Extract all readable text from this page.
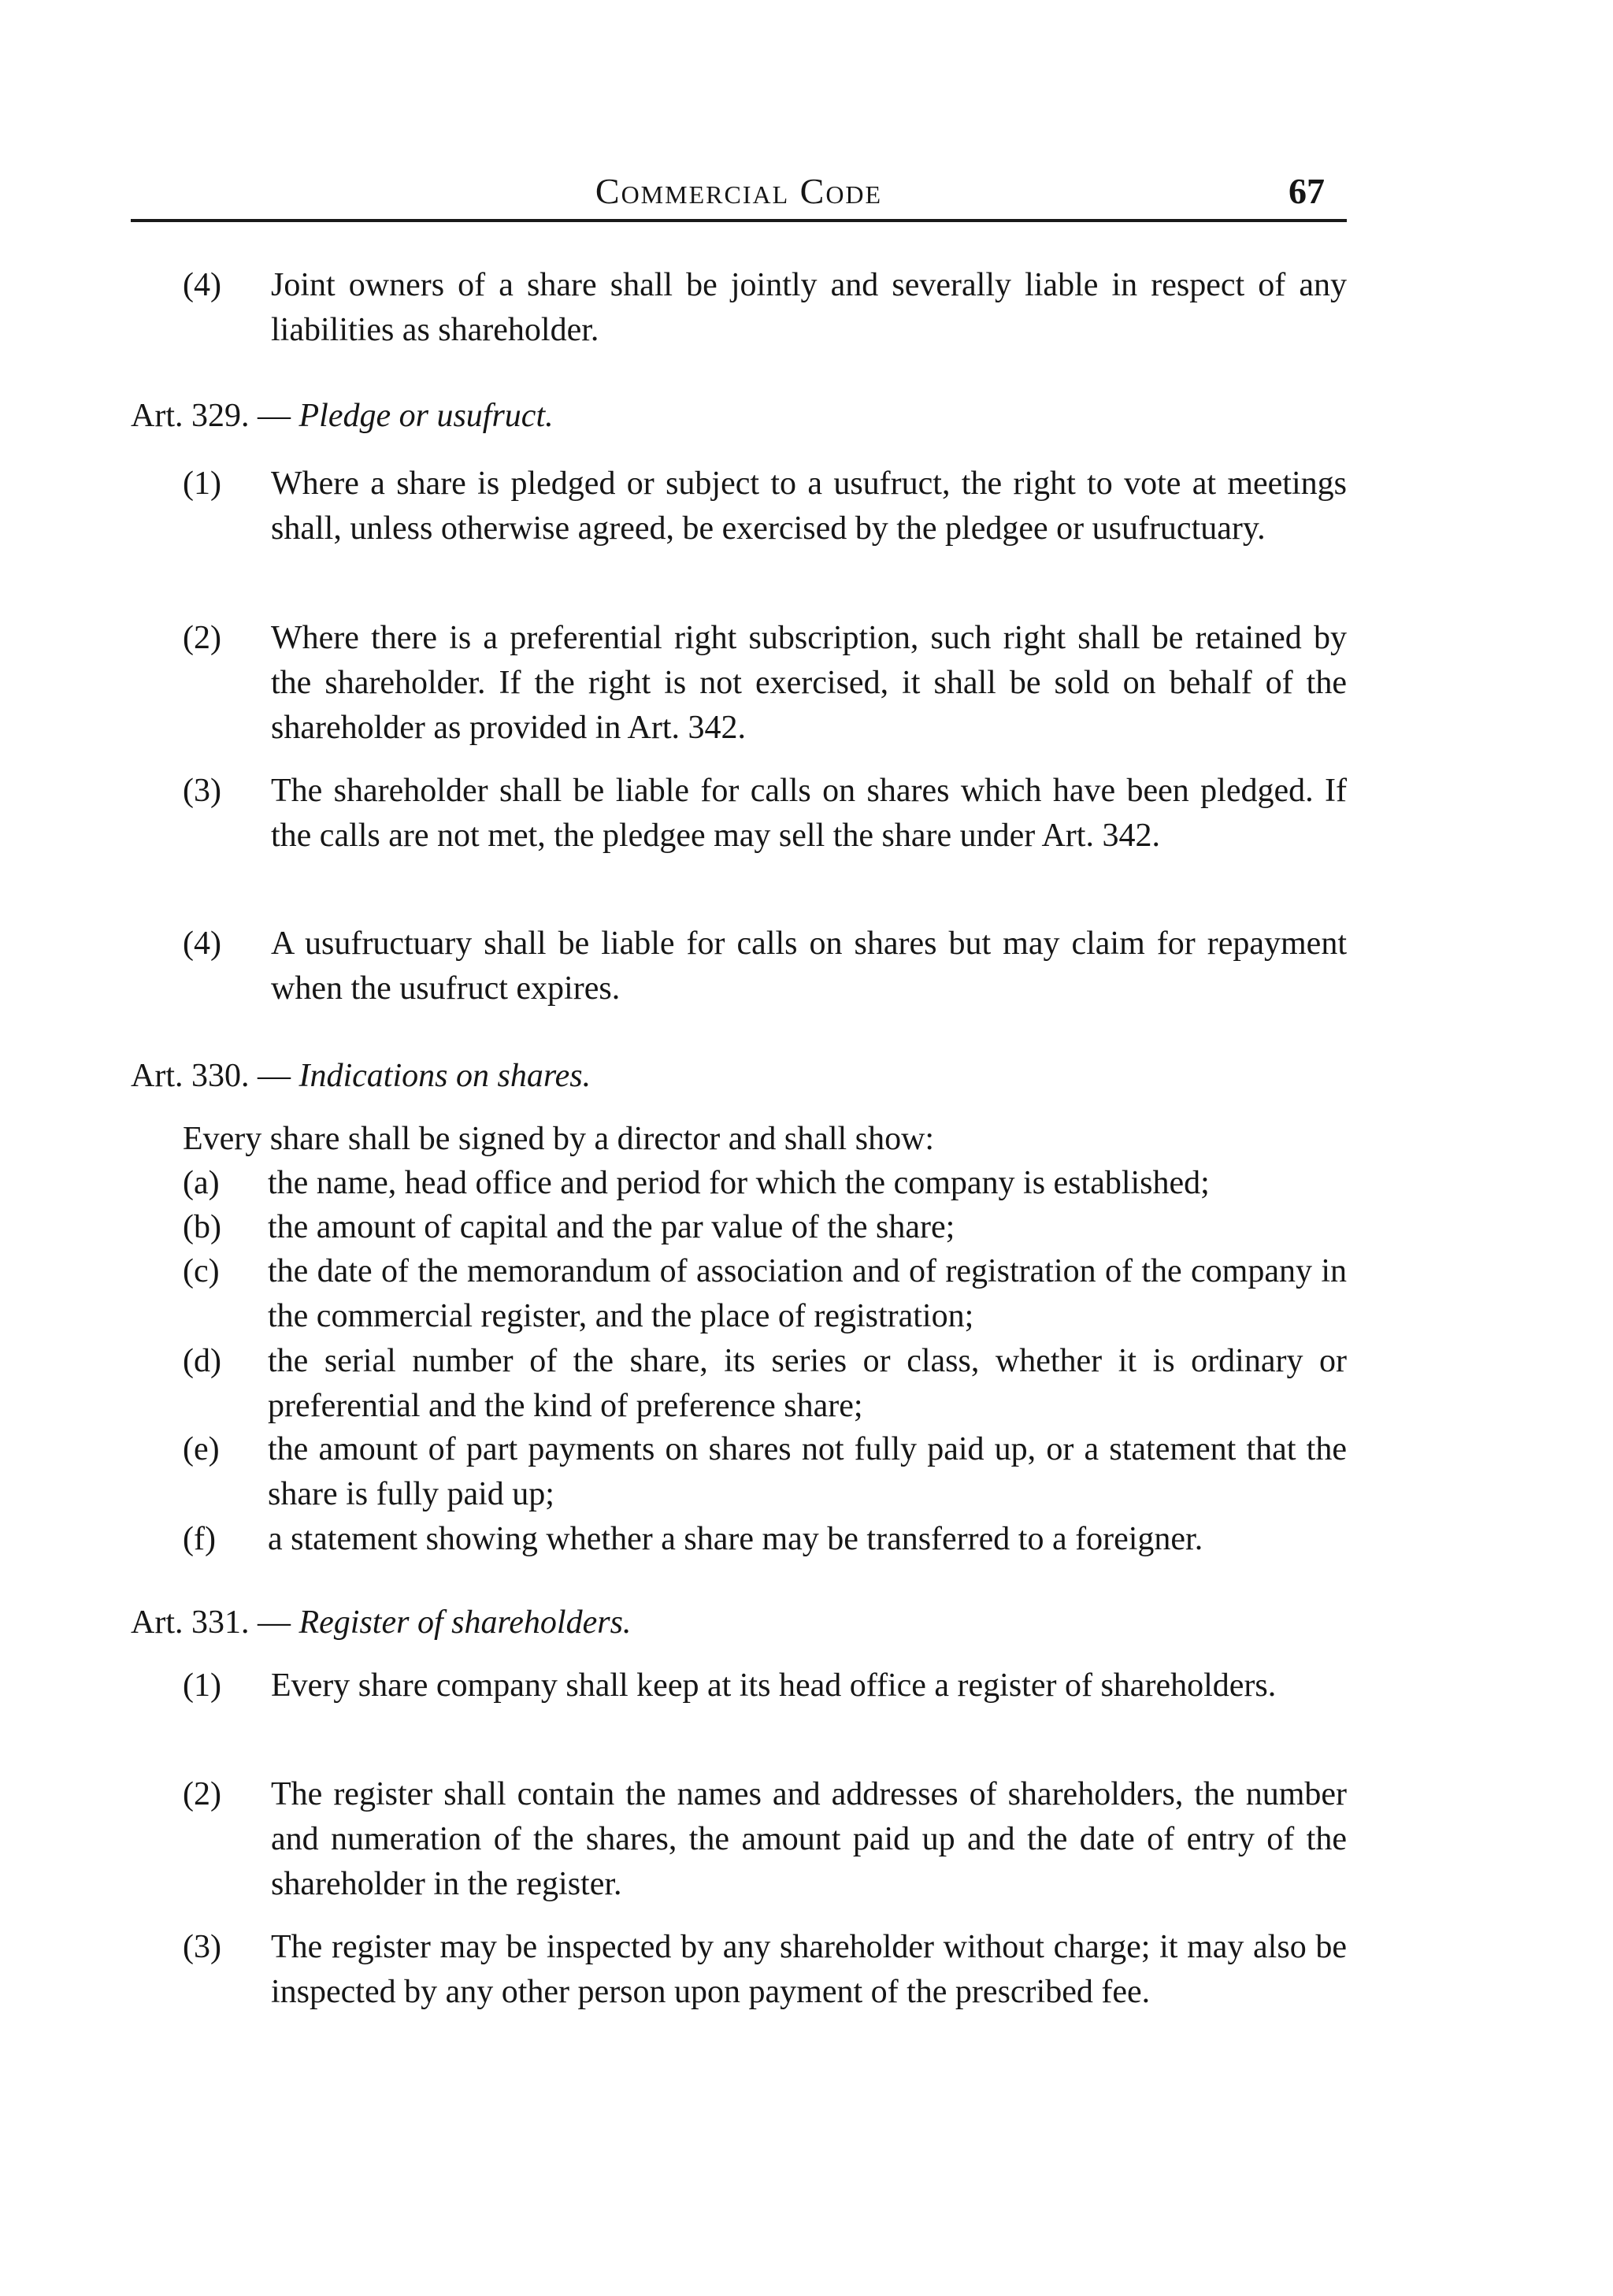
Commercial Code	67
(4)	Joint owners of a share shall be jointly and severally liable in respect of any liabilities as shareholder.
Art. 329. — Pledge or usufruct.
(1)	Where a share is pledged or subject to a usufruct, the right to vote at meetings shall, unless otherwise agreed, be exercised by the pledgee or usufructuary.
(2)	Where there is a preferential right subscription, such right shall be retained by the shareholder. If the right is not exercised, it shall be sold on behalf of the shareholder as provided in Art. 342.
(3)	The shareholder shall be liable for calls on shares which have been pledged. If the calls are not met, the pledgee may sell the share under Art. 342.
(4)	A usufructuary shall be liable for calls on shares but may claim for repayment when the usufruct expires.
Art. 330. — Indications on shares.
Every share shall be signed by a director and shall show:
(a)	the name, head office and period for which the company is established;
(b)	the amount of capital and the par value of the share;
(c)	the date of the memorandum of association and of registration of the company in the commercial register, and the place of registration;
(d)	the serial number of the share, its series or class, whether it is ordinary or preferential and the kind of preference share;
(e)	the amount of part payments on shares not fully paid up, or a statement that the share is fully paid up;
(f)	a statement showing whether a share may be transferred to a foreigner.
Art. 331. — Register of shareholders.
(1)	Every share company shall keep at its head office a register of shareholders.
(2)	The register shall contain the names and addresses of shareholders, the number and numeration of the shares, the amount paid up and the date of entry of the shareholder in the register.
(3)	The register may be inspected by any shareholder without charge; it may also be inspected by any other person upon payment of the prescribed fee.
